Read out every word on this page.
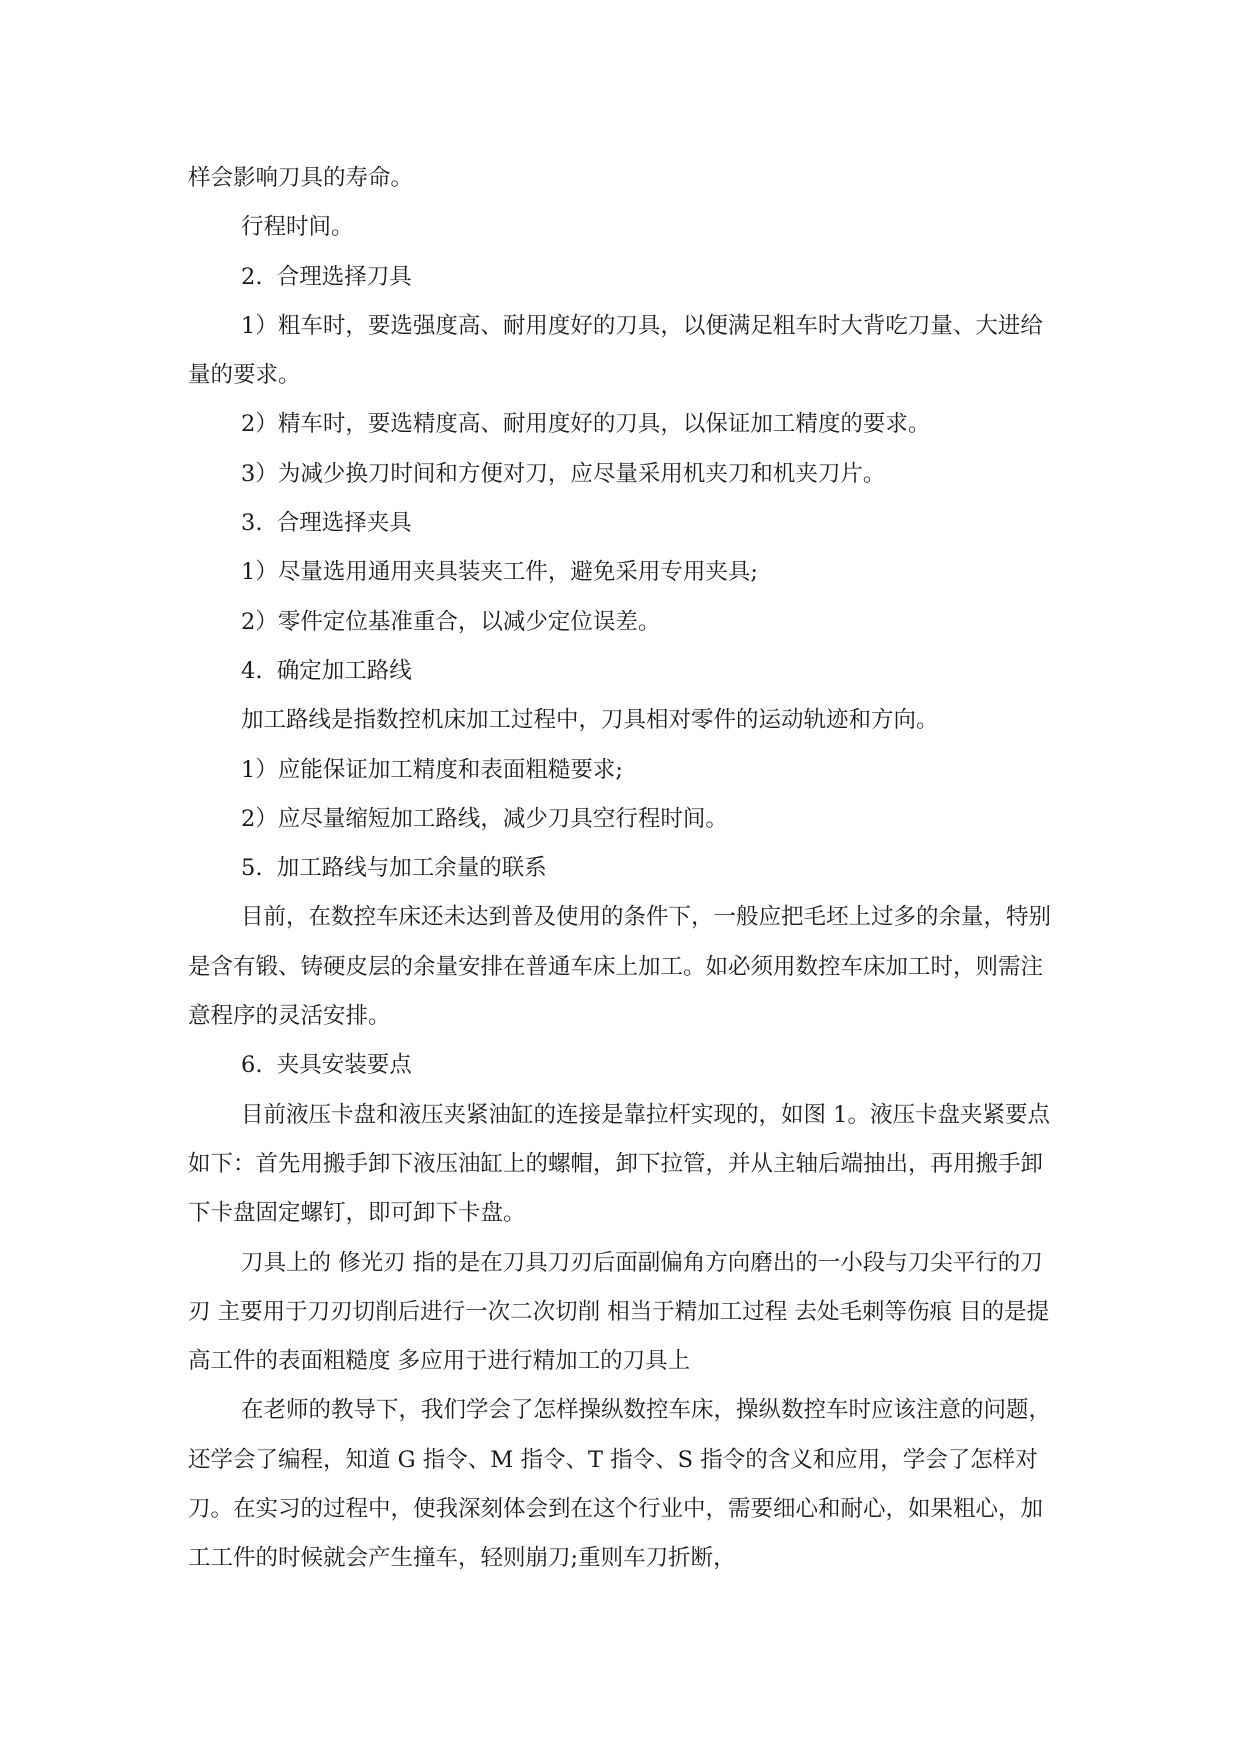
样会影响刀具的寿命。

行程时间。

2.  合理选择刀具

1）粗车时，要选强度高、耐用度好的刀具，以便满足粗车时大背吃刀量、大进给量的要求。

2）精车时，要选精度高、耐用度好的刀具，以保证加工精度的要求。

3）为减少换刀时间和方便对刀，应尽量采用机夹刀和机夹刀片。

3.  合理选择夹具

1）尽量选用通用夹具装夹工件，避免采用专用夹具;

2）零件定位基准重合，以减少定位误差。

4.  确定加工路线

加工路线是指数控机床加工过程中，刀具相对零件的运动轨迹和方向。

1）应能保证加工精度和表面粗糙要求;

2）应尽量缩短加工路线，减少刀具空行程时间。

5.  加工路线与加工余量的联系

目前，在数控车床还未达到普及使用的条件下，一般应把毛坯上过多的余量，特别是含有锻、铸硬皮层的余量安排在普通车床上加工。如必须用数控车床加工时，则需注意程序的灵活安排。

6.  夹具安装要点

目前液压卡盘和液压夹紧油缸的连接是靠拉杆实现的，如图 1。液压卡盘夹紧要点如下：首先用搬手卸下液压油缸上的螺帽，卸下拉管，并从主轴后端抽出，再用搬手卸下卡盘固定螺钉，即可卸下卡盘。

刀具上的 修光刃 指的是在刀具刀刃后面副偏角方向磨出的一小段与刀尖平行的刀刃 主要用于刀刃切削后进行一次二次切削 相当于精加工过程 去处毛刺等伤痕 目的是提高工件的表面粗糙度 多应用于进行精加工的刀具上

在老师的教导下，我们学会了怎样操纵数控车床，操纵数控车时应该注意的问题，还学会了编程，知道 G 指令、M 指令、T 指令、S 指令的含义和应用，学会了怎样对刀。在实习的过程中，使我深刻体会到在这个行业中，需要细心和耐心，如果粗心，加工工件的时候就会产生撞车，轻则崩刀;重则车刀折断，
